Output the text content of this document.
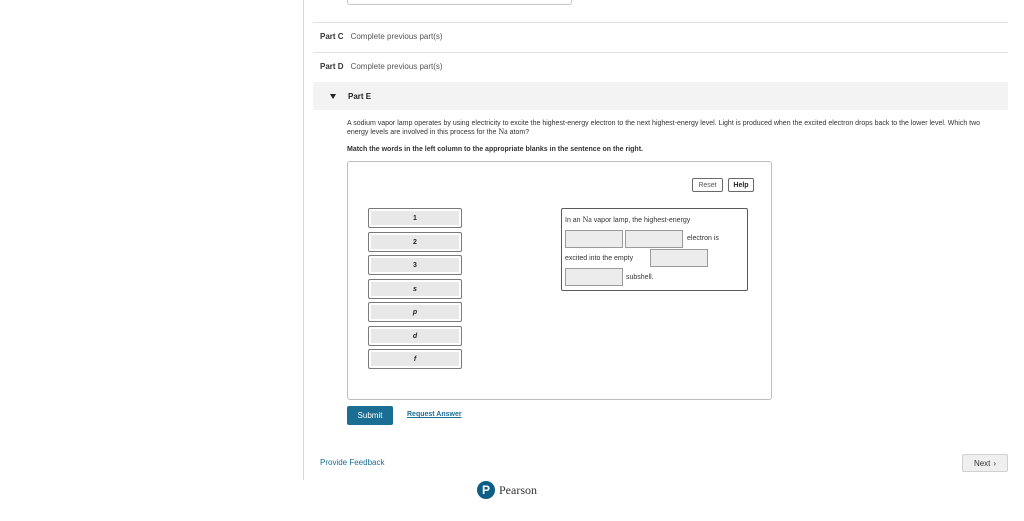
Part C Complete previous part(s)
Part D Complete previous part(s)
Part E
A sodium vapor lamp operates by using electricity to excite the highest-energy electron to the next highest-energy level. Light is produced when the excited electron drops back to the lower level. Which two energy levels are involved in this process for the Na atom?
Match the words in the left column to the appropriate blanks in the sentence on the right.
Reset	Help
1
2
3
s
p
d
f
In an Na vapor lamp, the highest-energy
electron is
excited into the empty
subshell.
Submit	Request Answer
Provide Feedback	Next ›
P Pearson
